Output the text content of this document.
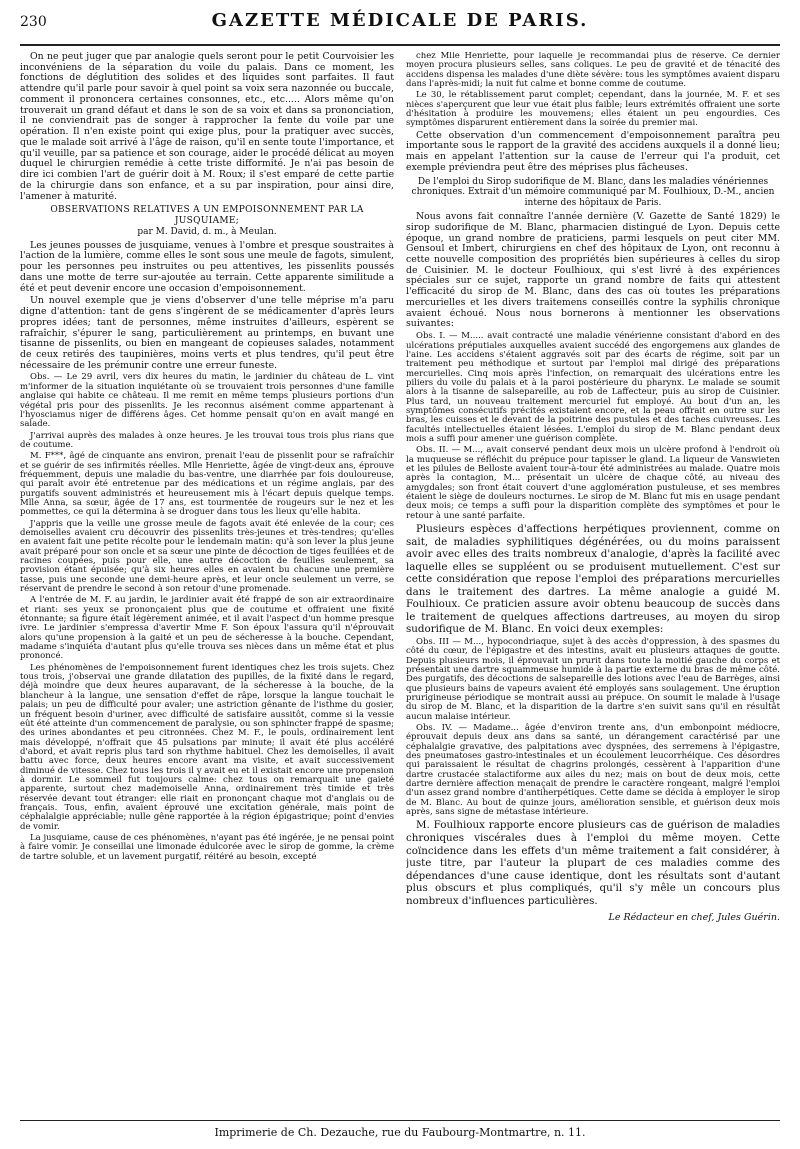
230	GAZETTE MÉDICALE DE PARIS.

On ne peut juger que par analogie quels seront pour le petit Courvoisier les inconvéniens de la séparation du voile du palais. Dans ce moment, les fonctions de déglutition des solides et des liquides sont parfaites. Il faut attendre qu'il parle pour savoir à quel point sa voix sera nazonnée ou buccale, comment il prononcera certaines consonnes, etc., etc..... Alors même qu'on trouverait un grand défaut et dans le son de sa voix et dans sa prononciation, il ne conviendrait pas de songer à rapprocher la fente du voile par une opération. Il n'en existe point qui exige plus, pour la pratiquer avec succès, que le malade soit arrivé à l'âge de raison, qu'il en sente toute l'importance, et qu'il veuille, par sa patience et son courage, aider le procédé délicat au moyen duquel le chirurgien remédie à cette triste difformité. Je n'ai pas besoin de dire ici combien l'art de guérir doit à M. Roux; il s'est emparé de cette partie de la chirurgie dans son enfance, et a su par inspiration, pour ainsi dire, l'amener à maturité.

OBSERVATIONS RELATIVES A UN EMPOISONNEMENT PAR LA JUSQUIAME;
par M. David, d. m., à Meulan.

Les jeunes pousses de jusquiame, venues à l'ombre et presque soustraites à l'action de la lumière, comme elles le sont sous une meule de fagots, simulent, pour les personnes peu instruites ou peu attentives, les pissenlits poussés dans une motte de terre sur-ajoutée au terrain. Cette apparente similitude a été et peut devenir encore une occasion d'empoisonnement.

Un nouvel exemple que je viens d'observer d'une telle méprise m'a paru digne d'attention: tant de gens s'ingèrent de se médicamenter d'après leurs propres idées; tant de personnes, même instruites d'ailleurs, espèrent se rafraîchir, s'épurer le sang, particulièrement au printemps, en buvant une tisanne de pissenlits, ou bien en mangeant de copieuses salades, notamment de ceux retirés des taupinières, moins verts et plus tendres, qu'il peut être nécessaire de les prémunir contre une erreur funeste.

Obs. — Le 29 avril, vers dix heures du matin, le jardinier du château de L. vint m'informer de la situation inquiétante où se trouvaient trois personnes d'une famille anglaise qui habite ce château. Il me remit en même temps plusieurs portions d'un végétal pris pour des pissenlits. Je les reconnus aisément comme appartenant à l'hyosciamus niger de différens âges. Cet homme pensait qu'on en avait mangé en salade.

J'arrivai auprès des malades à onze heures. Je les trouvai tous trois plus rians que de coutume.

M. F***, âgé de cinquante ans environ, prenait l'eau de pissenlit pour se rafraîchir et se guérir de ses infirmités réelles. Mlle Henriette, âgée de vingt-deux ans, éprouve fréquemment, depuis une maladie du bas-ventre, une diarrhée par fois douloureuse, qui paraît avoir été entretenue par des médications et un régime anglais, par des purgatifs souvent administrés et heureusement mis à l'écart depuis quelque temps. Mlle Anna, sa sœur, âgée de 17 ans, est tourmentée de rougeurs sur le nez et les pommettes, ce qui la détermina à se droguer dans tous les lieux qu'elle habita.

J'appris que la veille une grosse meule de fagots avait été enlevée de la cour; ces demoiselles avaient cru découvrir des pissenlits très-jeunes et très-tendres; qu'elles en avaient fait une petite récolte pour le lendemain matin: qu'à son lever la plus jeune avait préparé pour son oncle et sa sœur une pinte de décoction de tiges feuillées et de racines coupées, puis pour elle, une autre décoction de feuilles seulement, sa provision étant épuisée; qu'à six heures elles en avaient bu chacune une première tasse, puis une seconde une demi-heure après, et leur oncle seulement un verre, se réservant de prendre le second à son retour d'une promenade.

A l'entrée de M. F. au jardin, le jardinier avait été frappé de son air extraordinaire et riant: ses yeux se prononçaient plus que de coutume et offraient une fixité étonnante; sa figure était légèrement animée, et il avait l'aspect d'un homme presque ivre. Le jardinier s'empressa d'avertir Mme F. Son époux l'assura qu'il n'éprouvait alors qu'une propension à la gaité et un peu de sécheresse à la bouche. Cependant, madame s'inquiéta d'autant plus qu'elle trouva ses nièces dans un même état et plus prononcé.

Les phénomènes de l'empoisonnement furent identiques chez les trois sujets. Chez tous trois, j'observai une grande dilatation des pupilles, de la fixité dans le regard, déjà moindre que deux heures auparavant, de la sécheresse à la bouche, de la blancheur à la langue, une sensation d'effet de râpe, lorsque la langue touchait le palais; un peu de difficulté pour avaler; une astriction gênante de l'isthme du gosier, un fréquent besoin d'uriner, avec difficulté de satisfaire aussitôt, comme si la vessie eût été atteinte d'un commencement de paralysie, ou son sphincter frappé de spasme; des urines abondantes et peu citronnées. Chez M. F., le pouls, ordinairement lent mais développé, n'offrait que 45 pulsations par minute; il avait été plus accéléré d'abord, et avait repris plus tard son rhythme habituel. Chez les demoiselles, il avait battu avec force, deux heures encore avant ma visite, et avait successivement diminué de vitesse. Chez tous les trois il y avait eu et il existait encore une propension à dormir. Le sommeil fut toujours calme: chez tous on remarquait une gaieté apparente, surtout chez mademoiselle Anna, ordinairement très timide et très réservée devant tout étranger: elle riait en prononçant chaque mot d'anglais ou de français. Tous, enfin, avaient éprouvé une excitation générale, mais point de céphalalgie appréciable; nulle gêne rapportée à la région épigastrique; point d'envies de vomir.

La jusquiame, cause de ces phénomènes, n'ayant pas été ingérée, je ne pensai point à faire vomir. Je conseillai une limonade édulcorée avec le sirop de gomme, la crème de tartre soluble, et un lavement purgatif, réitéré au besoin, excepté

chez Mlle Henriette, pour laquelle je recommandai plus de réserve. Ce dernier moyen procura plusieurs selles, sans coliques. Le peu de gravité et de ténacité des accidens dispensa les malades d'une diète sévère: tous les symptômes avaient disparu dans l'après-midi; la nuit fut calme et bonne comme de coutume.

Le 30, le rétablissement parut complet; cependant, dans la journée, M. F. et ses nièces s'aperçurent que leur vue était plus faible; leurs extrémités offraient une sorte d'hésitation à produire les mouvemens; elles étaient un peu engourdies. Ces symptômes disparurent entièrement dans la soirée du premier mai.

Cette observation d'un commencement d'empoisonnement paraîtra peu importante sous le rapport de la gravité des accidens auxquels il a donné lieu; mais en appelant l'attention sur la cause de l'erreur qui l'a produit, cet exemple préviendra peut être des méprises plus fâcheuses.

De l'emploi du Sirop sudorifique de M. Blanc, dans les maladies vénériennes chroniques. Extrait d'un mémoire communiqué par M. Foulhioux, D.-M., ancien interne des hôpitaux de Paris.

Nous avons fait connaître l'année dernière (V. Gazette de Santé 1829) le sirop sudorifique de M. Blanc, pharmacien distingué de Lyon. Depuis cette époque, un grand nombre de praticiens, parmi lesquels on peut citer MM. Gensoul et Imbert, chirurgiens en chef des hôpitaux de Lyon, ont reconnu à cette nouvelle composition des propriétés bien supérieures à celles du sirop de Cuisinier. M. le docteur Foulhioux, qui s'est livré à des expériences spéciales sur ce sujet, rapporte un grand nombre de faits qui attestent l'efficacité du sirop de M. Blanc, dans des cas où toutes les préparations mercurielles et les divers traitemens conseillés contre la syphilis chronique avaient échoué. Nous nous bornerons à mentionner les observations suivantes:

Obs. I. — M..... avait contracté une maladie vénérienne consistant d'abord en des ulcérations préputiales auxquelles avaient succédé des engorgemens aux glandes de l'aine. Les accidens s'étaient aggravés soit par des écarts de régime, soit par un traitement peu méthodique et surtout par l'emploi mal dirigé des préparations mercurielles. Cinq mois après l'infection, on remarquait des ulcérations entre les piliers du voile du palais et à la paroi postérieure du pharynx. Le malade se soumit alors à la tisanne de salsepareille, au rob de Laffecteur, puis au sirop de Cuisinier. Plus tard, un nouveau traitement mercuriel fut employé. Au bout d'un an, les symptômes consécutifs précités existaient encore, et la peau offrait en outre sur les bras, les cuisses et le devant de la poitrine des pustules et des taches cuivreuses. Les facultés intellectuelles étaient lésées. L'emploi du sirop de M. Blanc pendant deux mois a suffi pour amener une guérison complète.

Obs. II. — M..., avait conservé pendant deux mois un ulcère profond à l'endroit où la muqueuse se réfléchit du prépuce pour tapisser le gland. La liqueur de Vanswieten et les pilules de Belloste avaient tour-à-tour été administrées au malade. Quatre mois après la contagion, M... présentait un ulcère de chaque côté, au niveau des amygdales; son front était couvert d'une agglomération pustuleuse, et ses membres étaient le siège de douleurs nocturnes. Le sirop de M. Blanc fut mis en usage pendant deux mois; ce temps a suffi pour la disparition complète des symptômes et pour le retour à une santé parfaite.

Plusieurs espèces d'affections herpétiques proviennent, comme on sait, de maladies syphilitiques dégénérées, ou du moins paraissent avoir avec elles des traits nombreux d'analogie, d'après la facilité avec laquelle elles se suppléent ou se produisent mutuellement. C'est sur cette considération que repose l'emploi des préparations mercurielles dans le traitement des dartres. La même analogie a guidé M. Foulhioux. Ce praticien assure avoir obtenu beaucoup de succès dans le traitement de quelques affections dartreuses, au moyen du sirop sudorifique de M. Blanc. En voici deux exemples:

Obs. III — M..., hypocondriaque, sujet à des accès d'oppression, à des spasmes du côté du cœur, de l'épigastre et des intestins, avait eu plusieurs attaques de goutte. Depuis plusieurs mois, il éprouvait un prurit dans toute la moitié gauche du corps et présentait une dartre squammeuse humide à la partie externe du bras de même côté. Des purgatifs, des décoctions de salsepareille des lotions avec l'eau de Barrèges, ainsi que plusieurs bains de vapeurs avaient été employés sans soulagement. Une éruption prurigineuse périodique se montrait aussi au prépuce. On soumit le malade à l'usage du sirop de M. Blanc, et la disparition de la dartre s'en suivit sans qu'il en résultât aucun malaise intérieur.

Obs. IV. — Madame... âgée d'environ trente ans, d'un embonpoint médiocre, éprouvait depuis deux ans dans sa santé, un dérangement caractérisé par une céphalalgie gravative, des palpitations avec dyspnées, des serremens à l'épigastre, des pneumatoses gastro-intestinales et un écoulement leucorrhéique. Ces désordres qui paraissaient le résultat de chagrins prolongés, cessèrent à l'apparition d'une dartre crustacée stalactiforme aux ailes du nez; mais on bout de deux mois, cette dartre dernière affection menaçait de prendre le caractère rongeant, malgré l'emploi d'un assez grand nombre d'antiherpétiques. Cette dame se décida à employer le sirop de M. Blanc. Au bout de quinze jours, amélioration sensible, et guérison deux mois après, sans signe de métastase intérieure.

M. Foulhioux rapporte encore plusieurs cas de guérison de maladies chroniques viscérales dues à l'emploi du même moyen. Cette coïncidence dans les effets d'un même traitement a fait considérer, à juste titre, par l'auteur la plupart de ces maladies comme des dépendances d'une cause identique, dont les résultats sont d'autant plus obscurs et plus compliqués, qu'il s'y mêle un concours plus nombreux d'influences particulières.

Le Rédacteur en chef, Jules Guérin.
Imprimerie de Ch. Dezauche, rue du Faubourg-Montmartre, n. 11.
